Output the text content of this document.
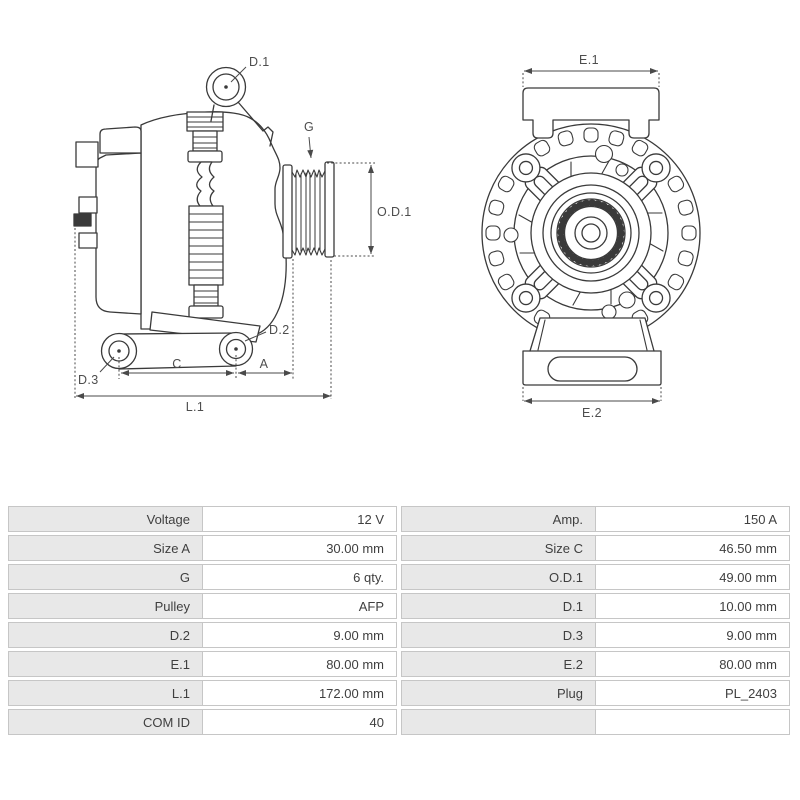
D.1
G
O.D.1
D.2
D.3
C	A
L.1
E.1
E.2
Voltage	12 V	Amp.	150 A
Size A	30.00 mm	Size C	46.50 mm
G	6 qty.	O.D.1	49.00 mm
Pulley	AFP	D.1	10.00 mm
D.2	9.00 mm	D.3	9.00 mm
E.1	80.00 mm	E.2	80.00 mm
L.1	172.00 mm	Plug	PL_2403
COM ID	40
